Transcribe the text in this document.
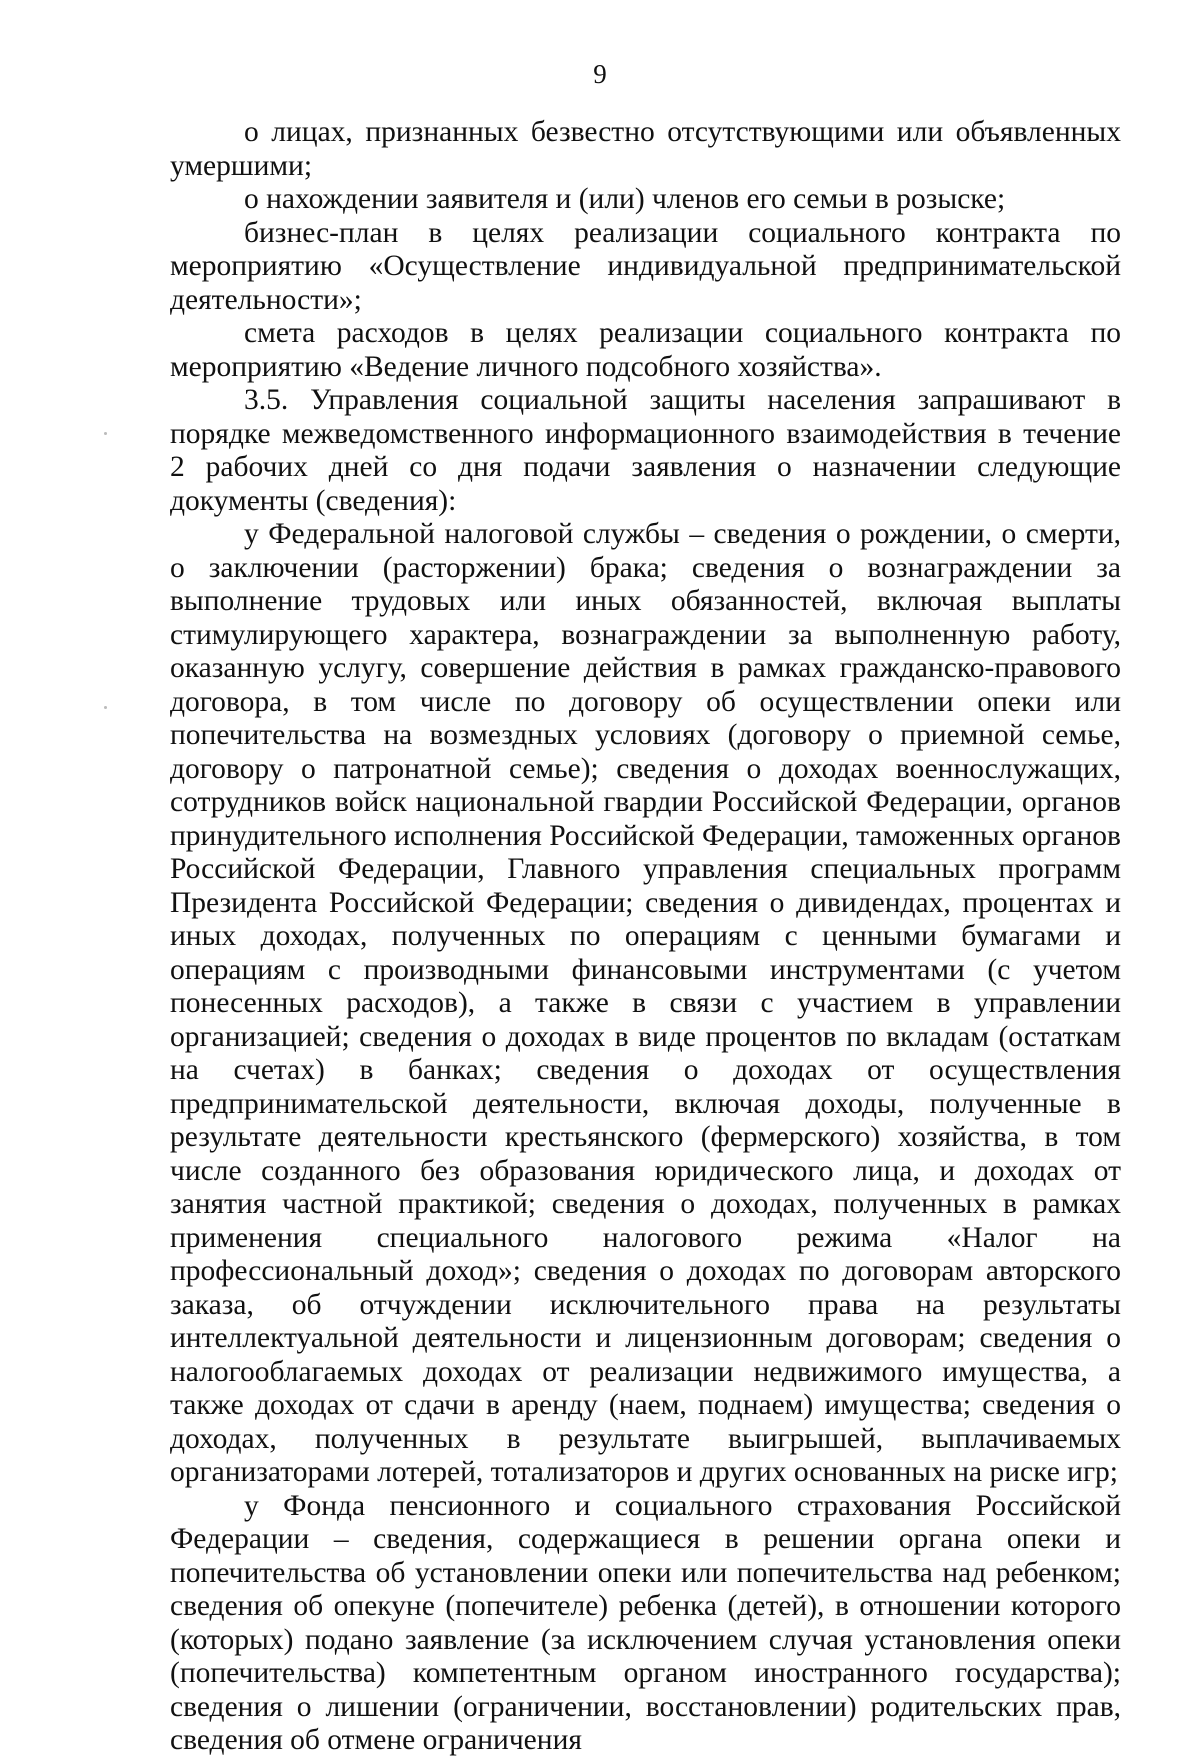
9

о лицах, признанных безвестно отсутствующими или объявленных умершими;

о нахождении заявителя и (или) членов его семьи в розыске;

бизнес-план в целях реализации социального контракта по мероприятию «Осуществление индивидуальной предпринимательской деятельности»;

смета расходов в целях реализации социального контракта по мероприятию «Ведение личного подсобного хозяйства».

3.5. Управления социальной защиты населения запрашивают в порядке межведомственного информационного взаимодействия в течение 2 рабочих дней со дня подачи заявления о назначении следующие документы (сведения):

у Федеральной налоговой службы – сведения о рождении, о смерти, о заключении (расторжении) брака; сведения о вознаграждении за выполнение трудовых или иных обязанностей, включая выплаты стимулирующего характера, вознаграждении за выполненную работу, оказанную услугу, совершение действия в рамках гражданско-правового договора, в том числе по договору об осуществлении опеки или попечительства на возмездных условиях (договору о приемной семье, договору о патронатной семье); сведения о доходах военнослужащих, сотрудников войск национальной гвардии Российской Федерации, органов принудительного исполнения Российской Федерации, таможенных органов Российской Федерации, Главного управления специальных программ Президента Российской Федерации; сведения о дивидендах, процентах и иных доходах, полученных по операциям с ценными бумагами и операциям с производными финансовыми инструментами (с учетом понесенных расходов), а также в связи с участием в управлении организацией; сведения о доходах в виде процентов по вкладам (остаткам на счетах) в банках; сведения о доходах от осуществления предпринимательской деятельности, включая доходы, полученные в результате деятельности крестьянского (фермерского) хозяйства, в том числе созданного без образования юридического лица, и доходах от занятия частной практикой; сведения о доходах, полученных в рамках применения специального налогового режима «Налог на профессиональный доход»; сведения о доходах по договорам авторского заказа, об отчуждении исключительного права на результаты интеллектуальной деятельности и лицензионным договорам; сведения о налогооблагаемых доходах от реализации недвижимого имущества, а также доходах от сдачи в аренду (наем, поднаем) имущества; сведения о доходах, полученных в результате выигрышей, выплачиваемых организаторами лотерей, тотализаторов и других основанных на риске игр;

у Фонда пенсионного и социального страхования Российской Федерации – сведения, содержащиеся в решении органа опеки и попечительства об установлении опеки или попечительства над ребенком; сведения об опекуне (попечителе) ребенка (детей), в отношении которого (которых) подано заявление (за исключением случая установления опеки (попечительства) компетентным органом иностранного государства); сведения о лишении (ограничении, восстановлении) родительских прав, сведения об отмене ограничения
